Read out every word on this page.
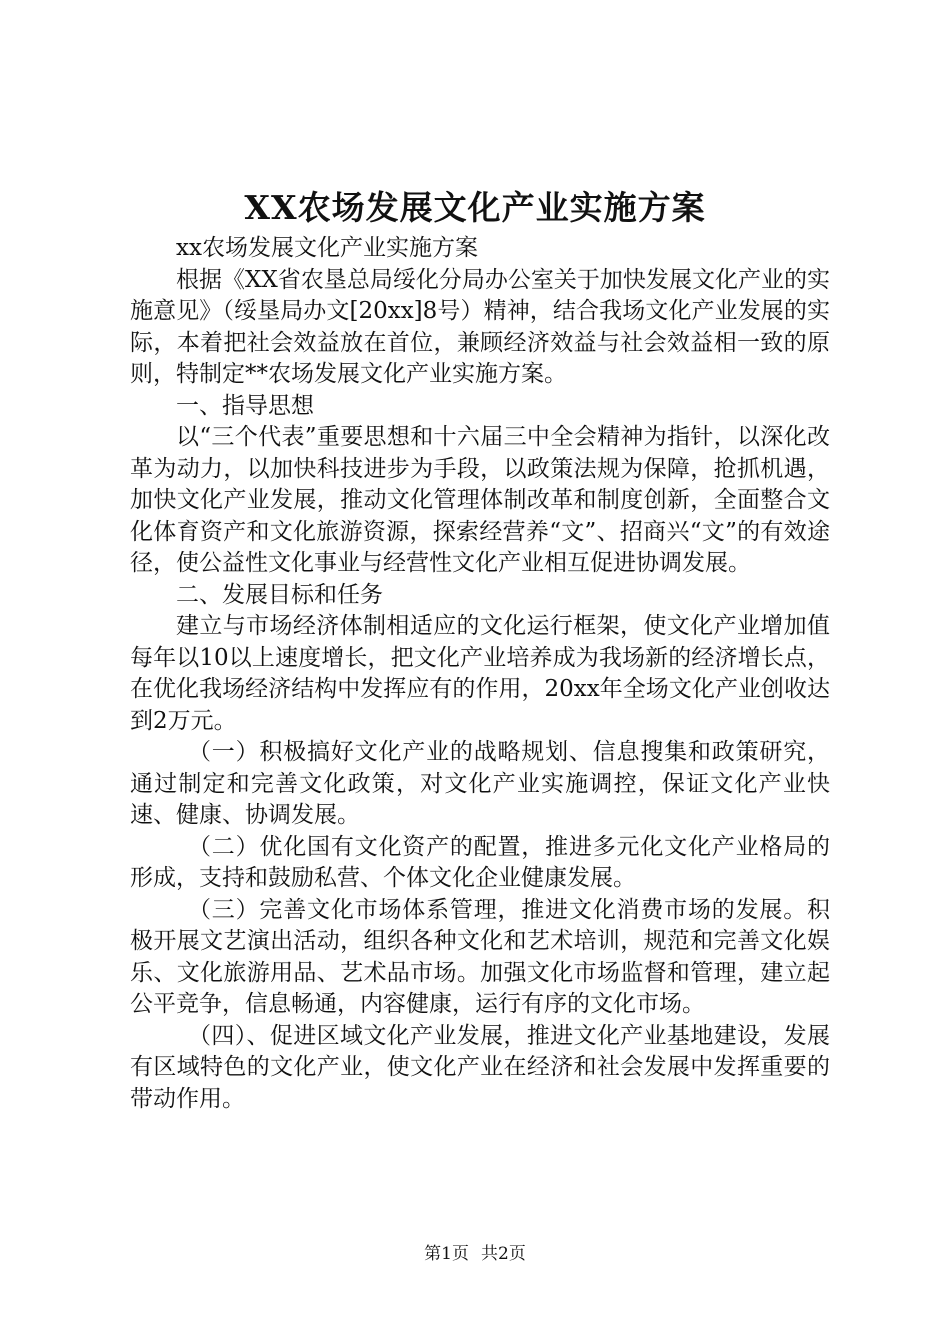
XX农场发展文化产业实施方案

xx农场发展文化产业实施方案

根据《XX省农垦总局绥化分局办公室关于加快发展文化产业的实施意见》（绥垦局办文[20xx]8号）精神，结合我场文化产业发展的实际，本着把社会效益放在首位，兼顾经济效益与社会效益相一致的原则，特制定**农场发展文化产业实施方案。

一、指导思想

以“三个代表”重要思想和十六届三中全会精神为指针，以深化改革为动力，以加快科技进步为手段，以政策法规为保障，抢抓机遇，加快文化产业发展，推动文化管理体制改革和制度创新，全面整合文化体育资产和文化旅游资源，探索经营养“文”、招商兴“文”的有效途径，使公益性文化事业与经营性文化产业相互促进协调发展。

二、发展目标和任务

建立与市场经济体制相适应的文化运行框架，使文化产业增加值每年以10以上速度增长，把文化产业培养成为我场新的经济增长点，在优化我场经济结构中发挥应有的作用，20xx年全场文化产业创收达到2万元。

（一）积极搞好文化产业的战略规划、信息搜集和政策研究，通过制定和完善文化政策，对文化产业实施调控，保证文化产业快速、健康、协调发展。

（二）优化国有文化资产的配置，推进多元化文化产业格局的形成，支持和鼓励私营、个体文化企业健康发展。

（三）完善文化市场体系管理，推进文化消费市场的发展。积极开展文艺演出活动，组织各种文化和艺术培训，规范和完善文化娱乐、文化旅游用品、艺术品市场。加强文化市场监督和管理，建立起公平竞争，信息畅通，内容健康，运行有序的文化市场。

（四）、促进区域文化产业发展，推进文化产业基地建设，发展有区域特色的文化产业，使文化产业在经济和社会发展中发挥重要的带动作用。

第1页 共2页
